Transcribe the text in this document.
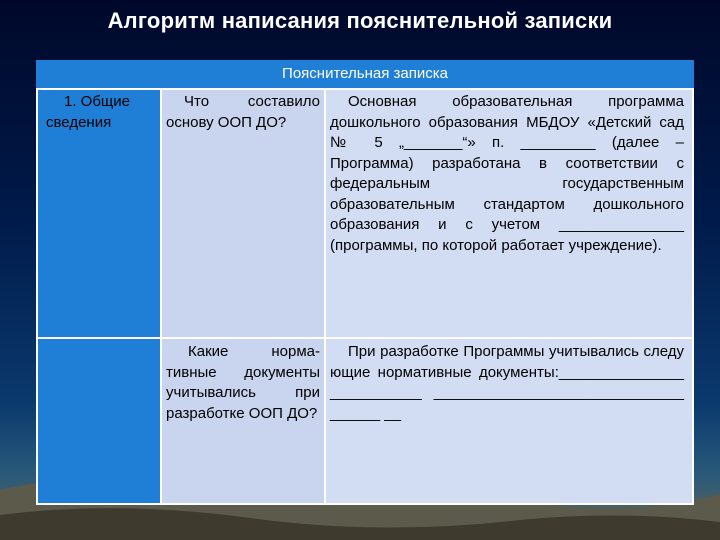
Алгоритм написания пояснительной записки
Пояснительная записка
1. Общие сведения
Что составило основу ООП ДО?
Основная образовательная программа дошкольного образования МБДОУ «Детский сад № 5 „_______“» п. _________ (далее – Программа) разработана в соответствии с федеральным государственным образовательным стандартом дошкольного образования и с учетом _______________ (программы, по которой работает учреждение).
Какие норма-тивные документы учитывались при разработке ООП ДО?
При разработке Программы учитывались следующие нормативные документы:__________________________ ____________________________________ __
